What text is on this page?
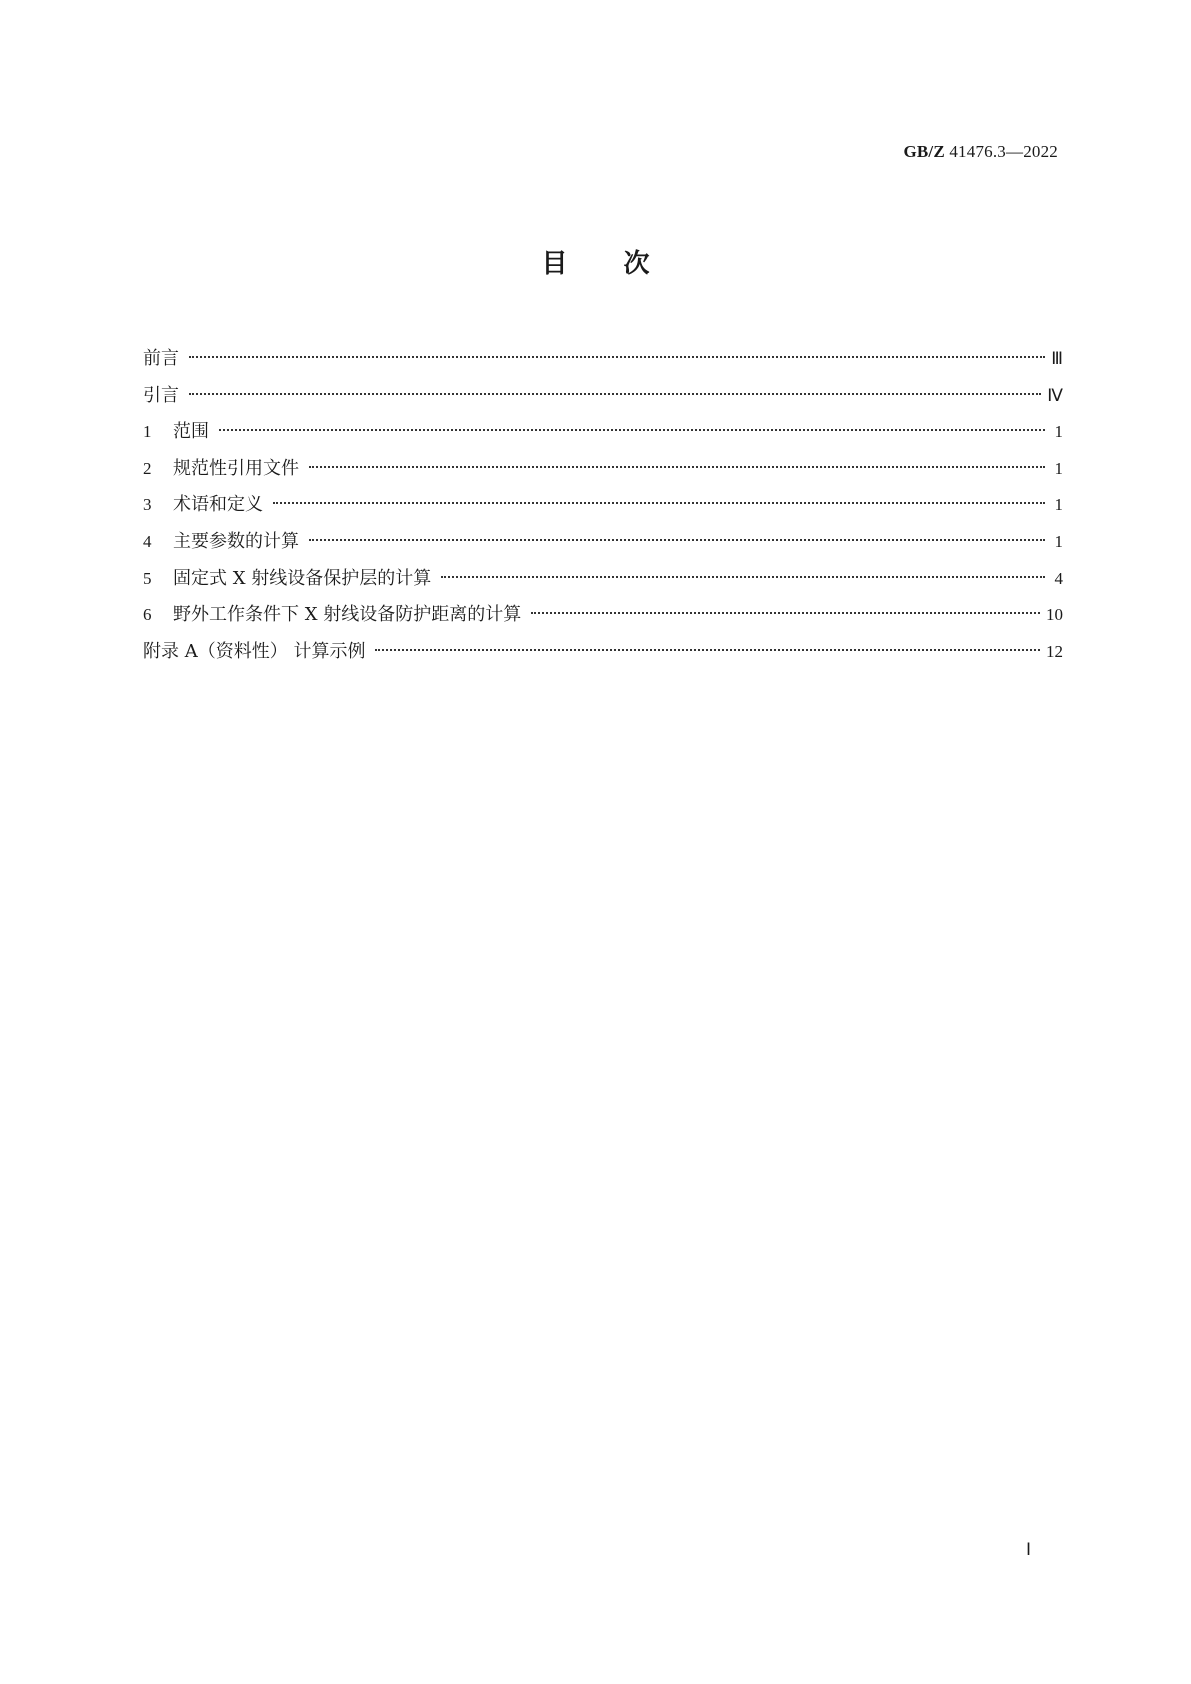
GB/Z 41476.3—2022
目次
前言	Ⅲ
引言	Ⅳ
1	范围	1
2	规范性引用文件	1
3	术语和定义	1
4	主要参数的计算	1
5	固定式 X 射线设备保护层的计算	4
6	野外工作条件下 X 射线设备防护距离的计算	10
附录 A（资料性） 计算示例	12
Ⅰ
